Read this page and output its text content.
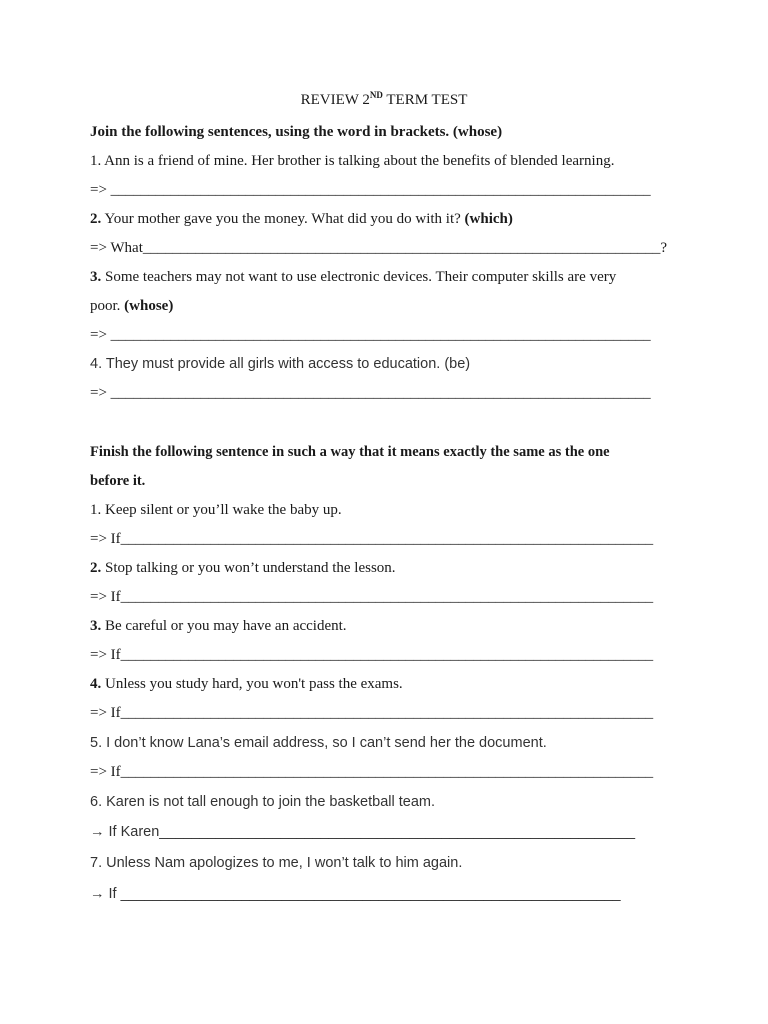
REVIEW 2ND TERM TEST
Join the following sentences, using the word in brackets. (whose)
1. Ann is a friend of mine. Her brother is talking about the benefits of blended learning.
=> ________________________________________________________________________
2. Your mother gave you the money. What did you do with it? (which)
=> What_____________________________________________________________________?
3. Some teachers may not want to use electronic devices. Their computer skills are very
poor. (whose)
=> ________________________________________________________________________
4. They must provide all girls with access to education. (be)
=> ________________________________________________________________________
Finish the following sentence in such a way that it means exactly the same as the one
before it.
1. Keep silent or you’ll wake the baby up.
=> If_______________________________________________________________________
2. Stop talking or you won’t understand the lesson.
=> If_______________________________________________________________________
3. Be careful or you may have an accident.
=> If_______________________________________________________________________
4. Unless you study hard, you won't pass the exams.
=> If_______________________________________________________________________
5. I don’t know Lana’s email address, so I can’t send her the document.
=> If_______________________________________________________________________
6. Karen is not tall enough to join the basketball team.
→ If Karen___________________________________________________________
7. Unless Nam apologizes to me, I won’t talk to him again.
→ If ______________________________________________________________
